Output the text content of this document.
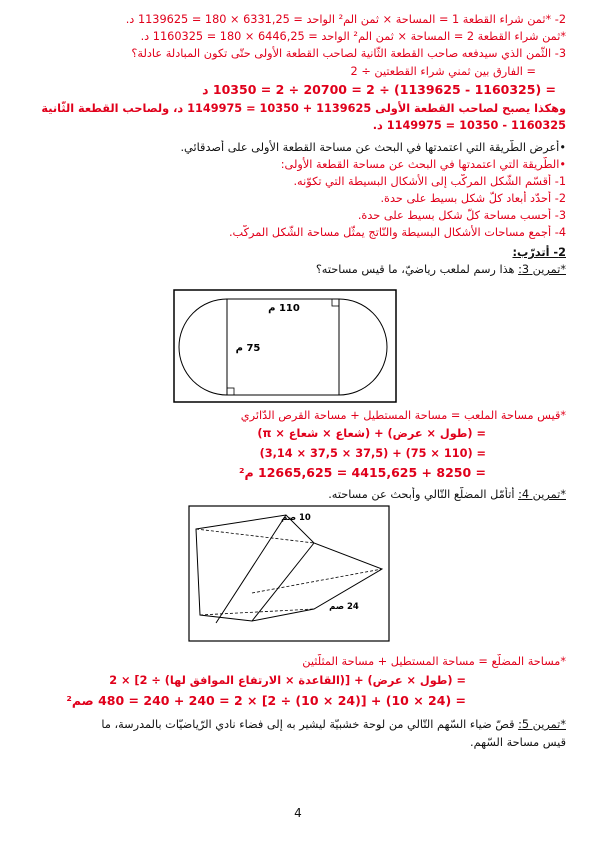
2- *ثمن شراء القطعة 1 = المساحة × ثمن الم² الواحد = 6331,25 × 180 = 1139625 د.
*ثمن شراء القطعة 2 = المساحة × ثمن الم² الواحد = 6446,25 × 180 = 1160325 د.
3- الثّمن الذي سيدفعه صاحب القطعة الثّانية لصاحب القطعة الأولى حتّى تكون المبادلة عادلة؟
= الفارق بين ثمني شراء القطعتين ÷ 2
= (1160325 - 1139625) ÷ 2 = 20700 ÷ 2 = 10350 د
وهكذا يصبح لصاحب القطعة الأولى 1139625 + 10350 = 1149975 د، ولصاحب القطعة الثّانية
1160325 - 10350 = 1149975 د.
•أعرض الطّريقة التي اعتمدتها في البحث عن مساحة القطعة الأولى على أصدقائي.
•الطّريقة التي اعتمدتها في البحث عن مساحة القطعة الأولى:
1- أقسّم الشّكل المركّب إلى الأشكال البسيطة التي تكوّنه.
2- أحدّد أبعاد كلّ شكل بسيط على حدة.
3- أحسب مساحة كلّ شكل بسيط على حدة.
4- أجمع مساحات الأشكال البسيطة والنّاتج يمثّل مساحة الشّكل المركّب.
2- أتدرّب:
*تمرين 3: هذا رسم لملعب رياضيّ، ما قيس مساحته؟
110 م
75 م
*قيس مساحة الملعب = مساحة المستطيل + مساحة القرص الدّائري
= (طول × عرض) + (شعاع × شعاع × π)
= (110 × 75) + (37,5 × 37,5 × 3,14)
= 8250 + 4415,625 = 12665,625 م²
*تمرين 4: أتأمّل المضلّع التّالي وأبحث عن مساحته.
10 صم
24 صم
*مساحة المضلّع = مساحة المستطيل + مساحة المثلّثين
= (طول × عرض) + [(القاعدة × الارتفاع الموافق لها) ÷ 2] × 2
= (24 × 10) + [(24 × 10) ÷ 2] × 2 = 240 + 240 = 480 صم²
*تمرين 5: قصّ ضياء السّهم التّالي من لوحة خشبيّة ليشير به إلى فضاء نادي الرّياضيّات بالمدرسة، ما
قيس مساحة السّهم.
4
